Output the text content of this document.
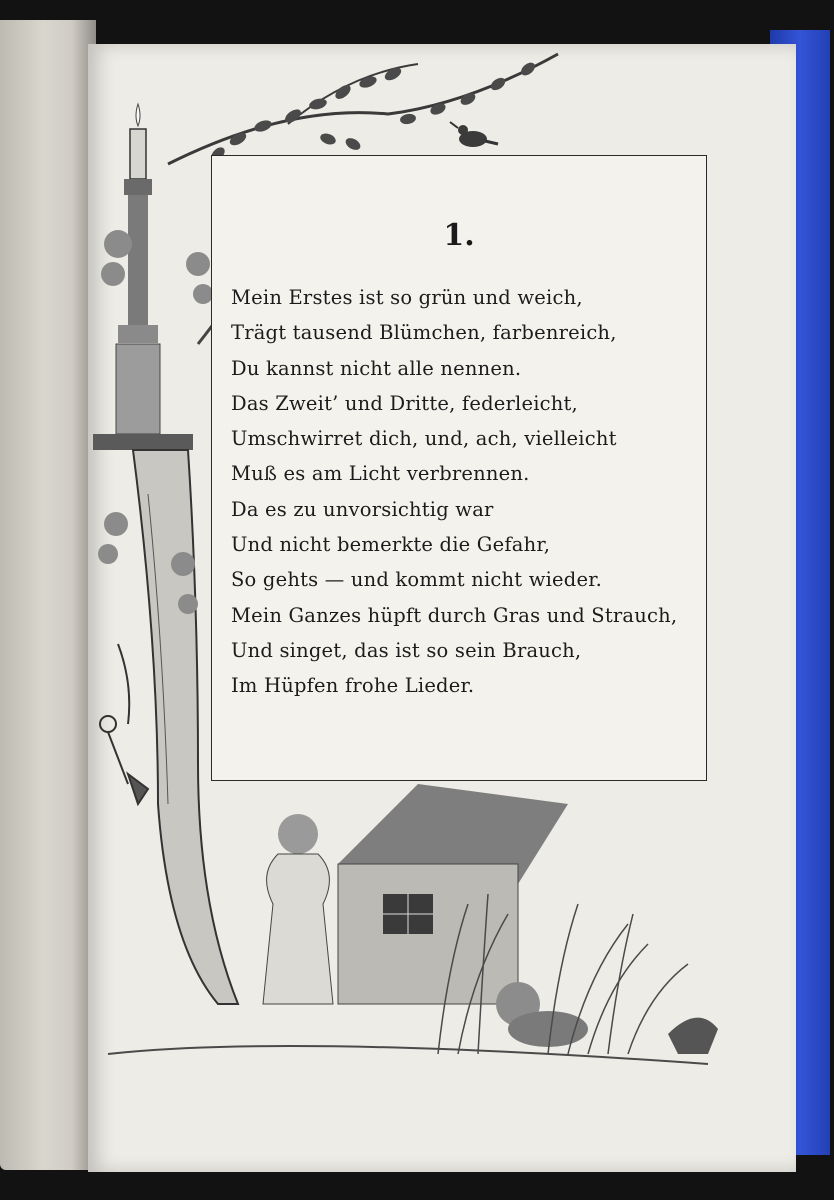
1.
Mein Erstes ist so grün und weich,
Trägt tausend Blümchen, farbenreich,
Du kannst nicht alle nennen.
Das Zweit’ und Dritte, federleicht,
Umschwirret dich, und, ach, vielleicht
Muß es am Licht verbrennen.
Da es zu unvorsichtig war
Und nicht bemerkte die Gefahr,
So gehts — und kommt nicht wieder.
Mein Ganzes hüpft durch Gras und Strauch,
Und singet, das ist so sein Brauch,
Im Hüpfen frohe Lieder.
